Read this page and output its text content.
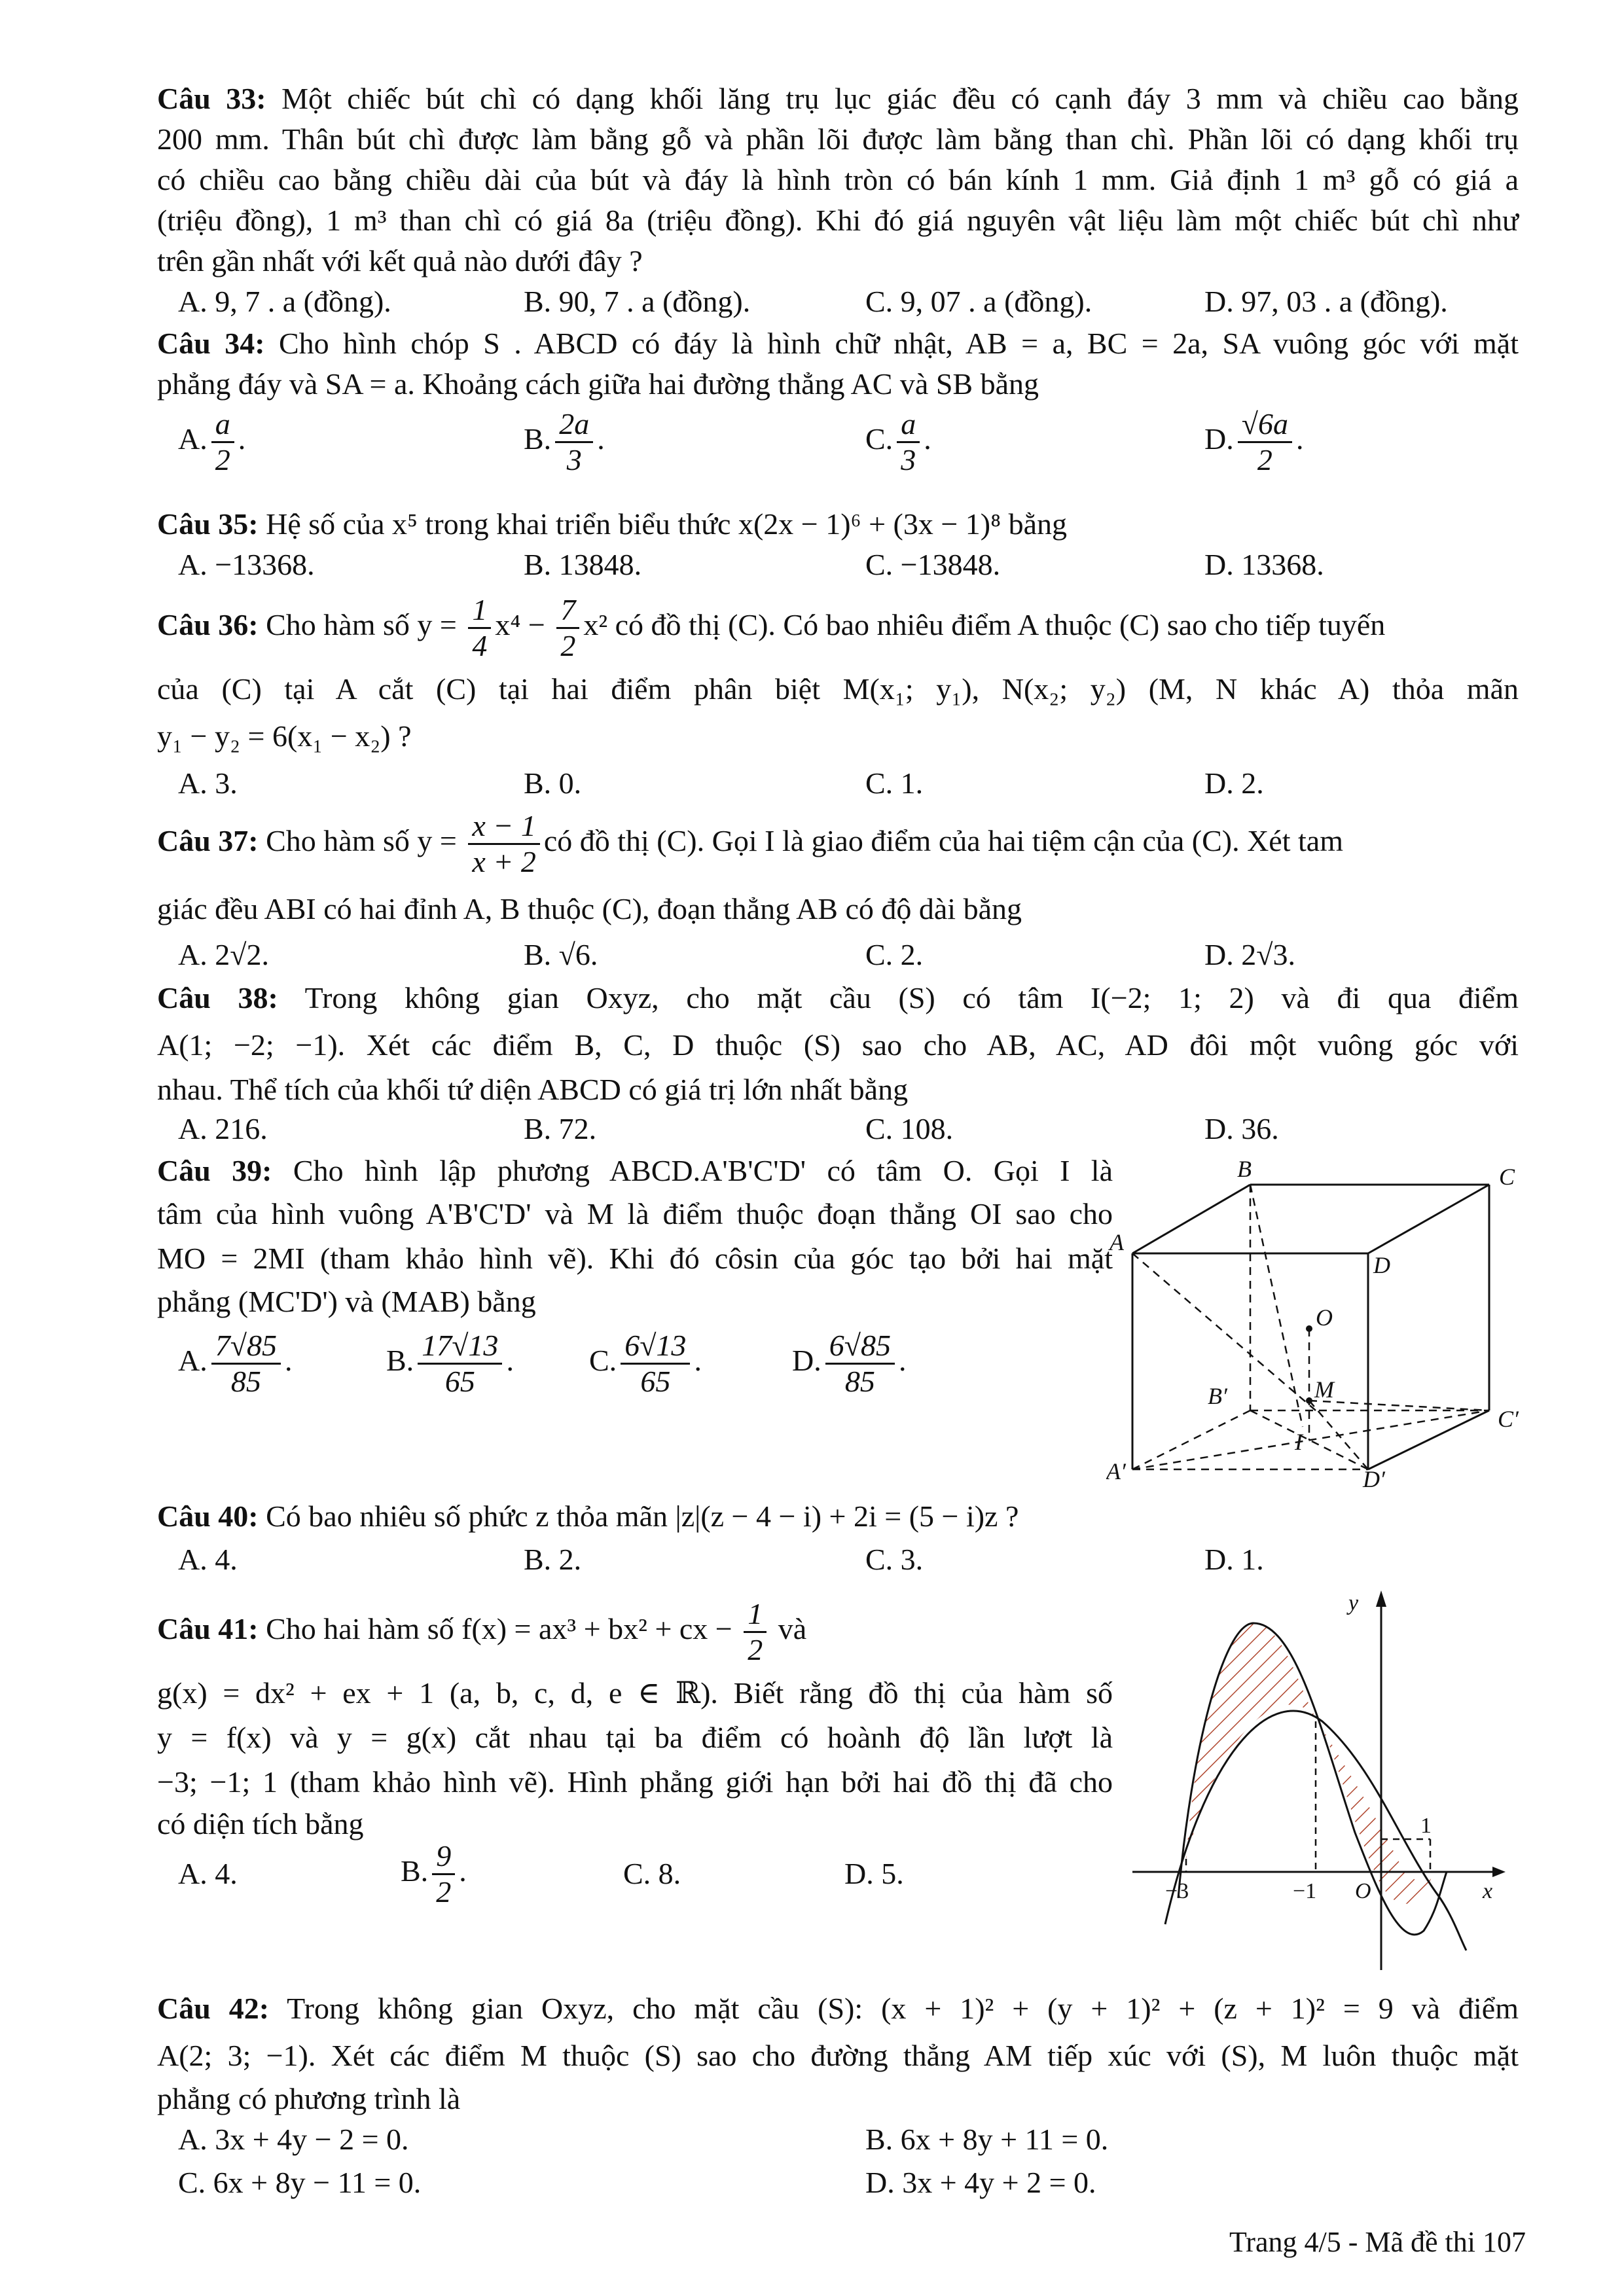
Câu 33: Một chiếc bút chì có dạng khối lăng trụ lục giác đều có cạnh đáy 3 mm và chiều cao bằng
200 mm. Thân bút chì được làm bằng gỗ và phần lõi được làm bằng than chì. Phần lõi có dạng khối trụ
có chiều cao bằng chiều dài của bút và đáy là hình tròn có bán kính 1 mm. Giả định 1 m³ gỗ có giá a
(triệu đồng), 1 m³ than chì có giá 8a (triệu đồng). Khi đó giá nguyên vật liệu làm một chiếc bút chì như
trên gần nhất với kết quả nào dưới đây ?
A. 9, 7 . a (đồng).	B. 90, 7 . a (đồng).	C. 9, 07 . a (đồng).	D. 97, 03 . a (đồng).
Câu 34: Cho hình chóp S . ABCD có đáy là hình chữ nhật, AB = a, BC = 2a, SA vuông góc với mặt
phẳng đáy và SA = a. Khoảng cách giữa hai đường thẳng AC và SB bằng
A. $\frac{a}{2}$ .	B. $\frac{2a}{3}$ .	C. $\frac{a}{3}$ .	D. $\frac{√6a}{2}$ .
Câu 35: Hệ số của x⁵ trong khai triển biểu thức x(2x − 1)⁶ + (3x − 1)⁸ bằng
A. −13368.	B. 13848.	C. −13848.	D. 13368.
Câu 36: Cho hàm số $y = \frac{1}{4} x^4 - \frac{7}{2} x^2$ có đồ thị (C). Có bao nhiêu điểm A thuộc (C) sao cho tiếp tuyến
của (C) tại A cắt (C) tại hai điểm phân biệt M(x₁; y₁), N(x₂; y₂) (M, N khác A) thỏa mãn
y₁ − y₂ = 6(x₁ − x₂) ?
A. 3.	B. 0.	C. 1.	D. 2.
Câu 37: Cho hàm số $y = \frac{x - 1}{x + 2}$ có đồ thị (C). Gọi I là giao điểm của hai tiệm cận của (C). Xét tam
giác đều ABI có hai đỉnh A, B thuộc (C), đoạn thẳng AB có độ dài bằng
A. 2√2.	B. √6.	C. 2.	D. 2√3.
Câu 38: Trong không gian Oxyz, cho mặt cầu (S) có tâm I(−2; 1; 2) và đi qua điểm
A(1; −2; −1). Xét các điểm B, C, D thuộc (S) sao cho AB, AC, AD đôi một vuông góc với
nhau. Thể tích của khối tứ diện ABCD có giá trị lớn nhất bằng
A. 216.	B. 72.	C. 108.	D. 36.
Câu 39: Cho hình lập phương ABCD.A'B'C'D' có tâm O. Gọi I là
tâm của hình vuông A'B'C'D' và M là điểm thuộc đoạn thẳng OI sao cho
MO = 2MI (tham khảo hình vẽ). Khi đó côsin của góc tạo bởi hai mặt
phẳng (MC'D') và (MAB) bằng
A. $\frac{7√85}{85}$ .	B. $\frac{17√13}{65}$ .	C. $\frac{6√13}{65}$ .	D. $\frac{6√85}{85}$ .
B	C
A
D
O
M
B′
C′
I
A′	D′
Câu 40: Có bao nhiêu số phức z thỏa mãn |z|(z − 4 − i) + 2i = (5 − i)z ?
A. 4.	B. 2.	C. 3.	D. 1.
Câu 41: Cho hai hàm số f(x) = ax³ + bx² + cx − $\frac{1}{2}$ và
g(x) = dx² + ex + 1 (a, b, c, d, e ∈ ℝ). Biết rằng đồ thị của hàm số
y = f(x) và y = g(x) cắt nhau tại ba điểm có hoành độ lần lượt là
−3; −1; 1 (tham khảo hình vẽ). Hình phẳng giới hạn bởi hai đồ thị đã cho
có diện tích bằng
A. 4.	B. $\frac{9}{2}$ .	C. 8.	D. 5.
y
1
−3	−1 O	x
Câu 42: Trong không gian Oxyz, cho mặt cầu (S): (x + 1)² + (y + 1)² + (z + 1)² = 9 và điểm
A(2; 3; −1). Xét các điểm M thuộc (S) sao cho đường thẳng AM tiếp xúc với (S), M luôn thuộc mặt
phẳng có phương trình là
A. 3x + 4y − 2 = 0.	B. 6x + 8y + 11 = 0.
C. 6x + 8y − 11 = 0.	D. 3x + 4y + 2 = 0.
Trang 4/5 - Mã đề thi 107
